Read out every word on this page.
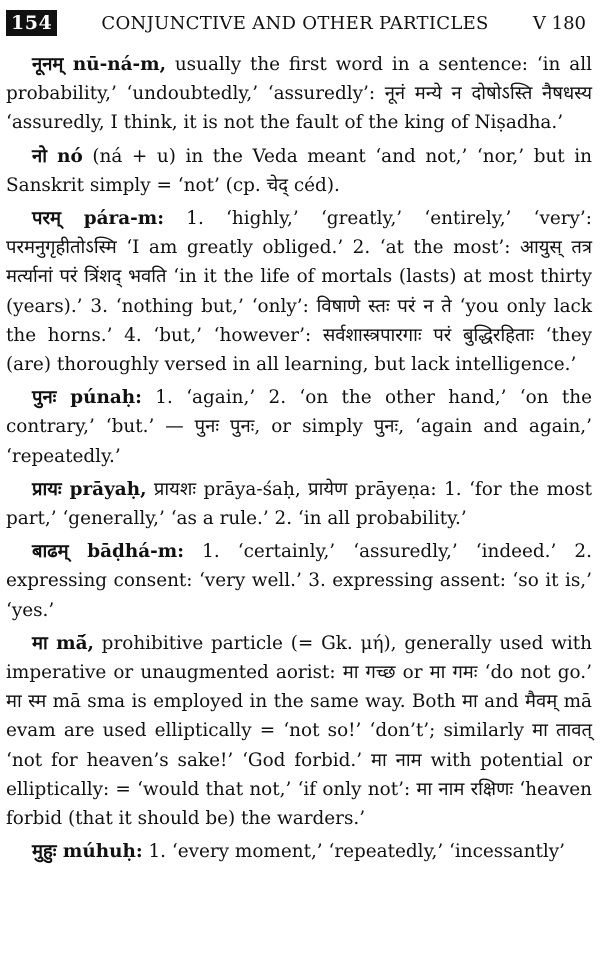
154	CONJUNCTIVE AND OTHER PARTICLES	V 180

नूनम् nū-ná-m, usually the first word in a sentence: ‘in all probability,’ ‘undoubtedly,’ ‘assuredly’: नूनं मन्ये न दोषोऽस्ति नैषधस्य ‘assuredly, I think, it is not the fault of the king of Niṣadha.’

नो nó (ná + u) in the Veda meant ‘and not,’ ‘nor,’ but in Sanskrit simply = ‘not’ (cp. चेद् céd).

परम् pára-m: 1. ‘highly,’ ‘greatly,’ ‘entirely,’ ‘very’: परमनुगृहीतोऽस्मि ‘I am greatly obliged.’ 2. ‘at the most’: आयुस् तत्र मर्त्यानां परं त्रिंशद् भवति ‘in it the life of mortals (lasts) at most thirty (years).’ 3. ‘nothing but,’ ‘only’: विषाणे स्तः परं न ते ‘you only lack the horns.’ 4. ‘but,’ ‘however’: सर्वशास्त्रपारगाः परं बुद्धिरहिताः ‘they (are) thoroughly versed in all learning, but lack intelligence.’

पुनः púnaḥ: 1. ‘again,’ 2. ‘on the other hand,’ ‘on the contrary,’ ‘but.’ — पुनः पुनः, or simply पुनः, ‘again and again,’ ‘repeatedly.’

प्रायः prāyaḥ, प्रायशः prāya-śaḥ, प्रायेण prāyeṇa: 1. ‘for the most part,’ ‘generally,’ ‘as a rule.’ 2. ‘in all probability.’

बाढम् bāḍhá-m: 1. ‘certainly,’ ‘assuredly,’ ‘indeed.’ 2. expressing consent: ‘very well.’ 3. expressing assent: ‘so it is,’ ‘yes.’

मा mā́, prohibitive particle (= Gk. μή), generally used with imperative or unaugmented aorist: मा गच्छ or मा गमः ‘do not go.’ मा स्म mā sma is employed in the same way. Both मा and मैवम् mā evam are used elliptically = ‘not so!’ ‘don’t’; similarly मा तावत् ‘not for heaven’s sake!’ ‘God forbid.’ मा नाम with potential or elliptically: = ‘would that not,’ ‘if only not’: मा नाम रक्षिणः ‘heaven forbid (that it should be) the warders.’

मुहुः múhuḥ: 1. ‘every moment,’ ‘repeatedly,’ ‘incessantly’
